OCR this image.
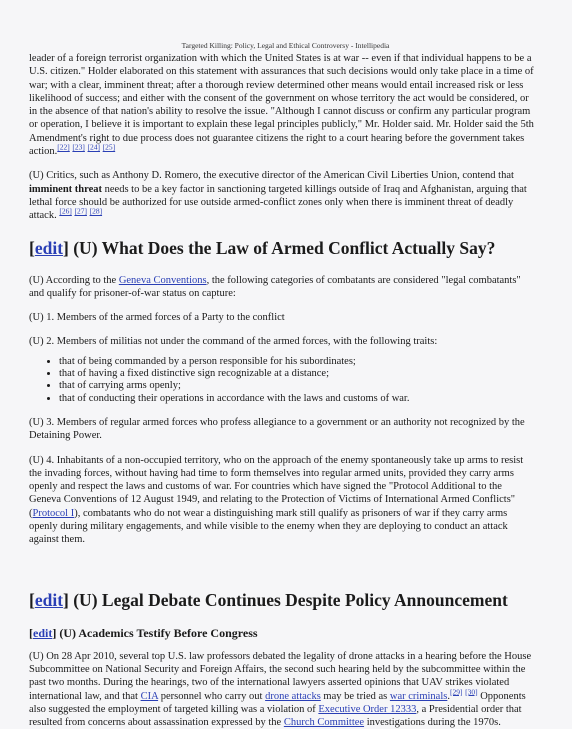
Targeted Killing: Policy, Legal and Ethical Controversy - Intellipedia

leader of a foreign terrorist organization with which the United States is at war -- even if that individual happens to be a U.S. citizen." Holder elaborated on this statement with assurances that such decisions would only take place in a time of war; with a clear, imminent threat; after a thorough review determined other means would entail increased risk or less likelihood of success; and either with the consent of the government on whose territory the act would be considered, or in the absence of that nation's ability to resolve the issue. "Although I cannot discuss or confirm any particular program or operation, I believe it is important to explain these legal principles publicly," Mr. Holder said. Mr. Holder said the 5th Amendment's right to due process does not guarantee citizens the right to a court hearing before the government takes action.[22] [23] [24] [25]

(U) Critics, such as Anthony D. Romero, the executive director of the American Civil Liberties Union, contend that imminent threat needs to be a key factor in sanctioning targeted killings outside of Iraq and Afghanistan, arguing that lethal force should be authorized for use outside armed-conflict zones only when there is imminent threat of deadly attack. [26] [27] [28]

[edit] (U) What Does the Law of Armed Conflict Actually Say?

(U) According to the Geneva Conventions, the following categories of combatants are considered "legal combatants" and qualify for prisoner-of-war status on capture:

(U) 1. Members of the armed forces of a Party to the conflict

(U) 2. Members of militias not under the command of the armed forces, with the following traits:

• that of being commanded by a person responsible for his subordinates;
• that of having a fixed distinctive sign recognizable at a distance;
• that of carrying arms openly;
• that of conducting their operations in accordance with the laws and customs of war.

(U) 3. Members of regular armed forces who profess allegiance to a government or an authority not recognized by the Detaining Power.

(U) 4. Inhabitants of a non-occupied territory, who on the approach of the enemy spontaneously take up arms to resist the invading forces, without having had time to form themselves into regular armed units, provided they carry arms openly and respect the laws and customs of war. For countries which have signed the "Protocol Additional to the Geneva Conventions of 12 August 1949, and relating to the Protection of Victims of International Armed Conflicts" (Protocol I), combatants who do not wear a distinguishing mark still qualify as prisoners of war if they carry arms openly during military engagements, and while visible to the enemy when they are deploying to conduct an attack against them.

[edit] (U) Legal Debate Continues Despite Policy Announcement
[edit] (U) Academics Testify Before Congress

(U) On 28 Apr 2010, several top U.S. law professors debated the legality of drone attacks in a hearing before the House Subcommittee on National Security and Foreign Affairs, the second such hearing held by the subcommittee within the past two months. During the hearings, two of the international lawyers asserted opinions that UAV strikes violated international law, and that CIA personnel who carry out drone attacks may be tried as war criminals.[29] [30] Opponents also suggested the employment of targeted killing was a violation of Executive Order 12333, a Presidential order that resulted from concerns about assassination expressed by the Church Committee investigations during the 1970s.
